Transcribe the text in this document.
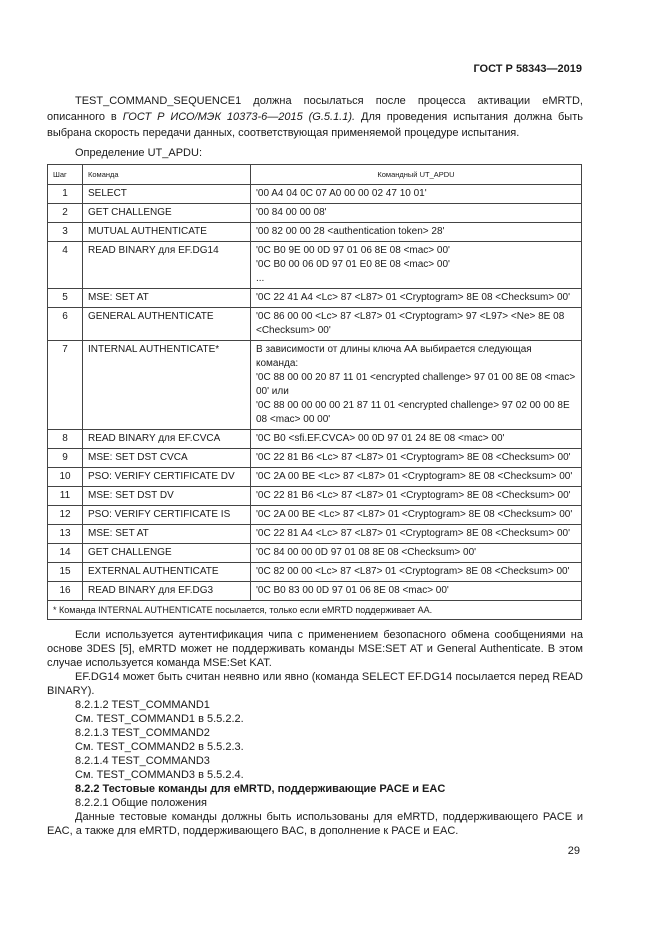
ГОСТ Р 58343—2019

TEST_COMMAND_SEQUENCE1 должна посылаться после процесса активации eMRTD, описанного в ГОСТ Р ИСО/МЭК 10373-6—2015 (G.5.1.1). Для проведения испытания должна быть выбрана скорость передачи данных, соответствующая применяемой процедуре испытания.

Определение UT_APDU:
Шаг	Команда	Командный UT_APDU
1	SELECT	'00 A4 04 0C 07 A0 00 00 02 47 10 01'

2	GET CHALLENGE	'00 84 00 00 08'

3	MUTUAL AUTHENTICATE	'00 82 00 00 28 <authentication token> 28'

4	READ BINARY для EF.DG14	'0C B0 9E 00 0D 97 01 06 8E 08 <mac> 00'
'0C B0 00 06 0D 97 01 E0 8E 08 <mac> 00'
...

5	MSE: SET AT	'0C 22 41 A4 <Lc> 87 <L87> 01 <Cryptogram> 8E 08 <Checksum> 00'

6	GENERAL AUTHENTICATE	'0C 86 00 00 <Lc> 87 <L87> 01 <Cryptogram> 97 <L97> <Ne> 8E 08 <Checksum> 00'

7	INTERNAL AUTHENTICATE*	В зависимости от длины ключа АА выбирается следующая команда:
'0C 88 00 00 20 87 11 01 <encrypted challenge> 97 01 00 8E 08 <mac> 00' или
'0C 88 00 00 00 00 21 87 11 01 <encrypted challenge> 97 02 00 00 8E 08 <mac> 00 00'

8	READ BINARY для EF.CVCA	'0C B0 <sfi.EF.CVCA> 00 0D 97 01 24 8E 08 <mac> 00'

9	MSE: SET DST CVCA	'0C 22 81 B6 <Lc> 87 <L87> 01 <Cryptogram> 8E 08 <Checksum> 00'

10	PSO: VERIFY CERTIFICATE DV	'0C 2A 00 BE <Lc> 87 <L87> 01 <Cryptogram> 8E 08 <Checksum> 00'

11	MSE: SET DST DV	'0C 22 81 B6 <Lc> 87 <L87> 01 <Cryptogram> 8E 08 <Checksum> 00'

12	PSO: VERIFY CERTIFICATE IS	'0C 2A 00 BE <Lc> 87 <L87> 01 <Cryptogram> 8E 08 <Checksum> 00'

13	MSE: SET AT	'0C 22 81 A4 <Lc> 87 <L87> 01 <Cryptogram> 8E 08 <Checksum> 00'

14	GET CHALLENGE	'0C 84 00 00 0D 97 01 08 8E 08 <Checksum> 00'

15	EXTERNAL AUTHENTICATE	'0C 82 00 00 <Lc> 87 <L87> 01 <Cryptogram> 8E 08 <Checksum> 00'

16	READ BINARY для EF.DG3	'0C B0 83 00 0D 97 01 06 8E 08 <mac> 00'

* Команда INTERNAL AUTHENTICATE посылается, только если eMRTD поддерживает АА.		

Если используется аутентификация чипа с применением безопасного обмена сообщениями на основе 3DES [5], eMRTD может не поддерживать команды MSE:SET AT и General Authenticate. В этом случае используется команда MSE:Set KAT.

EF.DG14 может быть считан неявно или явно (команда SELECT EF.DG14 посылается перед READ BINARY).

8.2.1.2 TEST_COMMAND1

См. TEST_COMMAND1 в 5.5.2.2.

8.2.1.3 TEST_COMMAND2

См. TEST_COMMAND2 в 5.5.2.3.

8.2.1.4 TEST_COMMAND3

См. TEST_COMMAND3 в 5.5.2.4.

8.2.2 Тестовые команды для eMRTD, поддерживающие PACE и EAC

8.2.2.1 Общие положения

Данные тестовые команды должны быть использованы для eMRTD, поддерживающего PACE и EAC, а также для eMRTD, поддерживающего BAC, в дополнение к PACE и EAC.

29
